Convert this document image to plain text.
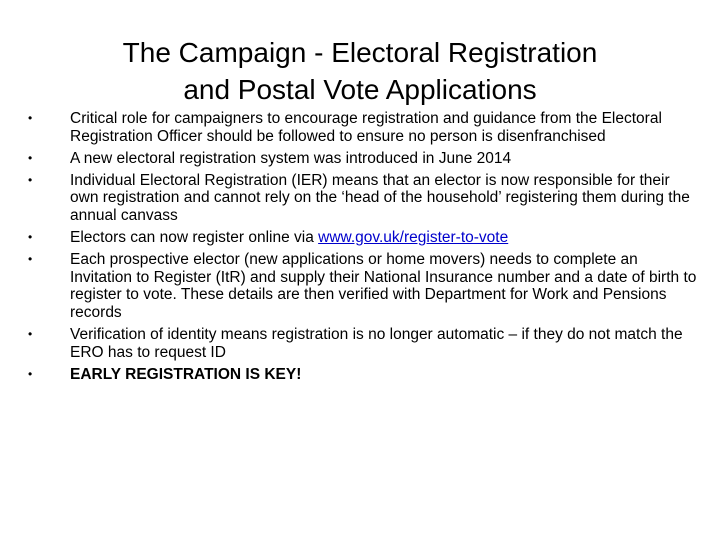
The Campaign - Electoral Registration
and Postal Vote Applications
• Critical role for campaigners to encourage registration and guidance from the Electoral Registration Officer should be followed to ensure no person is disenfranchised
• A new electoral registration system was introduced in June 2014
• Individual Electoral Registration (IER) means that an elector is now responsible for their own registration and cannot rely on the ‘head of the household’ registering them during the annual canvass
• Electors can now register online via www.gov.uk/register-to-vote
• Each prospective elector (new applications or home movers) needs to complete an Invitation to Register (ItR) and supply their National Insurance number and a date of birth to register to vote. These details are then verified with Department for Work and Pensions records
• Verification of identity means registration is no longer automatic – if they do not match the ERO has to request ID
• EARLY REGISTRATION IS KEY!
